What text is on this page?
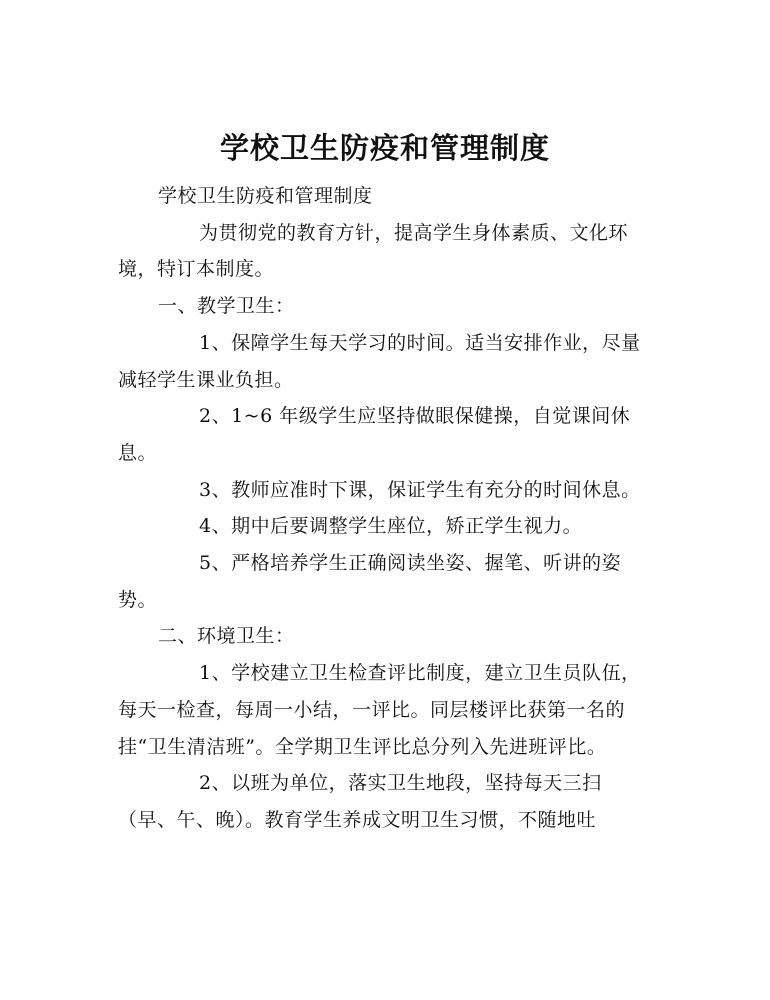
学校卫生防疫和管理制度

学校卫生防疫和管理制度

为贯彻党的教育方针，提高学生身体素质、文化环境，特订本制度。

一、教学卫生：

1、保障学生每天学习的时间。适当安排作业，尽量减轻学生课业负担。

2、1~6 年级学生应坚持做眼保健操，自觉课间休息。

3、教师应准时下课，保证学生有充分的时间休息。

4、期中后要调整学生座位，矫正学生视力。

5、严格培养学生正确阅读坐姿、握笔、听讲的姿势。

二、环境卫生：

1、学校建立卫生检查评比制度，建立卫生员队伍，每天一检查，每周一小结，一评比。同层楼评比获第一名的挂“卫生清洁班”。全学期卫生评比总分列入先进班评比。

2、以班为单位，落实卫生地段，坚持每天三扫（早、午、晚）。教育学生养成文明卫生习惯，不随地吐
